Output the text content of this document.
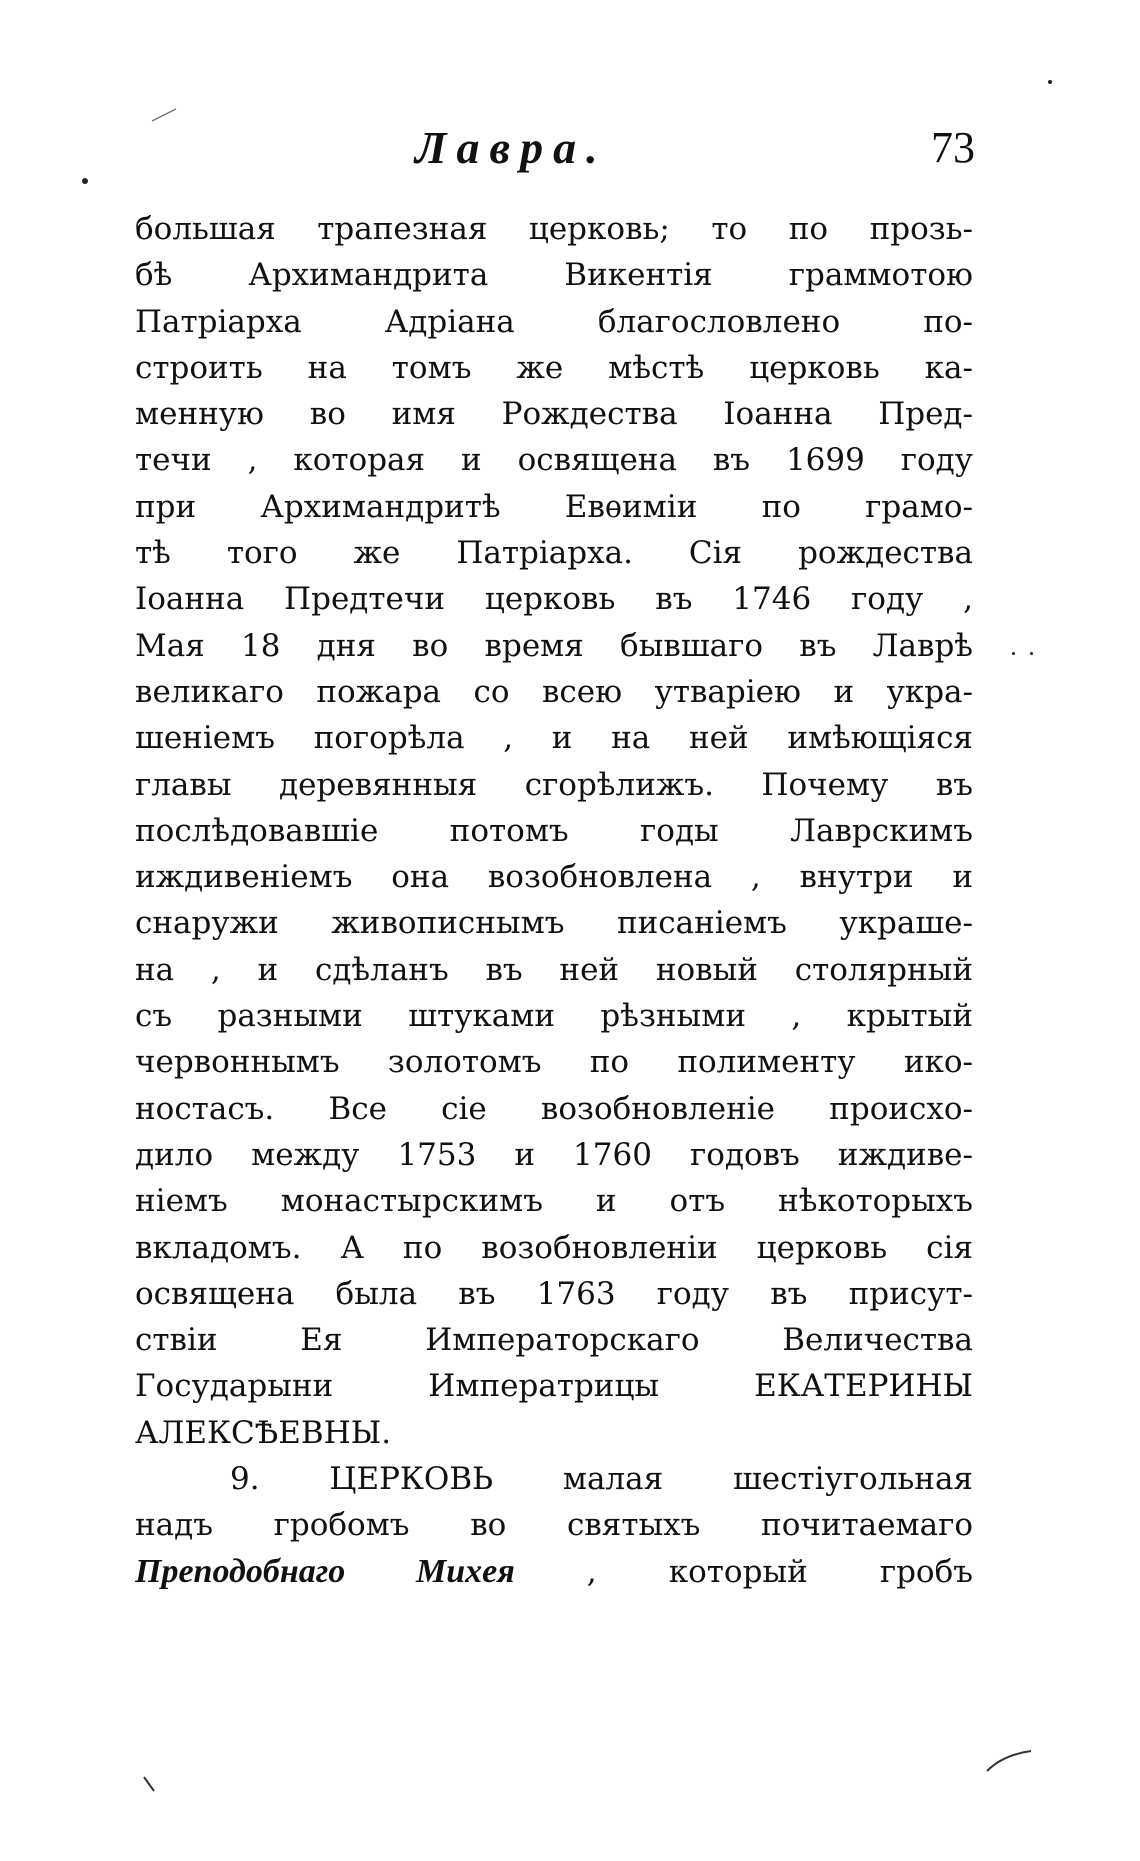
Лавра.	73
большая трапезная церковь; то по прозь-
бѣ Архимандрита Викентія граммотою
Патріарха Адріана благословлено по-
строить на томъ же мѣстѣ церковь ка-
менную во имя Рождества Іоанна Пред-
течи , которая и освящена въ 1699 году
при Архимандритѣ Евѳиміи по грамо-
тѣ того же Патріарха. Сія рождества
Іоанна Предтечи церковь въ 1746 году ,
Мая 18 дня во время бывшаго въ Лаврѣ
великаго пожара со всею утваріею и укра-
шеніемъ погорѣла , и на ней имѣющіяся
главы деревянныя сгорѣлижъ. Почему въ
послѣдовавшіе потомъ годы Лаврскимъ
иждивеніемъ она возобновлена , внутри и
снаружи живописнымъ писаніемъ украше-
на , и сдѣланъ въ ней новый столярный
съ разными штуками рѣзными , крытый
червоннымъ золотомъ по полименту ико-
ностасъ. Все сіе возобновленіе происхо-
дило между 1753 и 1760 годовъ иждиве-
ніемъ монастырскимъ и отъ нѣкоторыхъ
вкладомъ. А по возобновленіи церковь сія
освящена была въ 1763 году въ присут-
ствіи Ея Императорскаго Величества
Государыни Императрицы ЕКАТЕРИНЫ
АЛЕКСѢЕВНЫ.
9. ЦЕРКОВЬ малая шестіугольная
надъ гробомъ во святыхъ почитаемаго
Преподобнаго Михея , который гробъ
